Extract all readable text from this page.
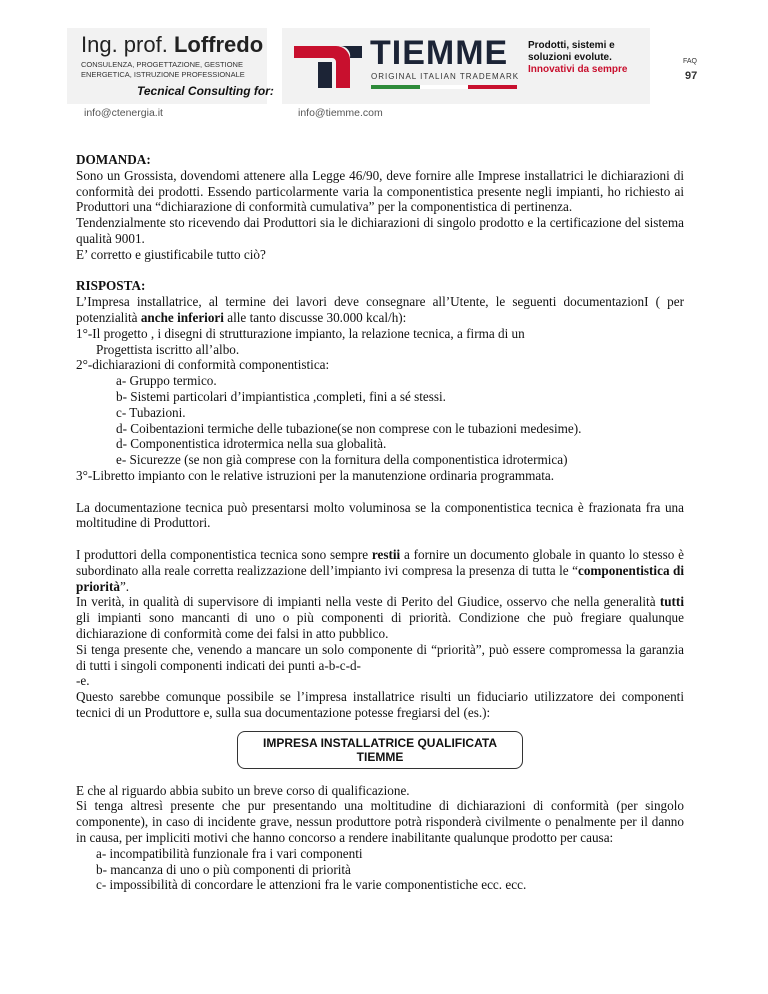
Ing. prof. Loffredo
CONSULENZA, PROGETTAZIONE, GESTIONE
ENERGETICA, ISTRUZIONE PROFESSIONALE
Tecnical Consulting for:
TIEMME
ORIGINAL ITALIAN TRADEMARK
Prodotti, sistemi e
soluzioni evolute.
Innovativi da sempre
FAQ
97
info@ctenergia.it	info@tiemme.com

DOMANDA:

Sono un Grossista, dovendomi attenere alla Legge 46/90, deve fornire alle Imprese installatrici le dichiarazioni di conformità dei prodotti. Essendo particolarmente varia la componentistica presente negli impianti, ho richiesto ai Produttori una “dichiarazione di conformità cumulativa” per la componentistica di pertinenza.

Tendenzialmente sto ricevendo dai Produttori sia le dichiarazioni di singolo prodotto e la certificazione del sistema qualità 9001.

E’ corretto e giustificabile tutto ciò?

RISPOSTA:

L’Impresa installatrice, al termine dei lavori deve consegnare all’Utente, le seguenti documentazionI ( per potenzialità anche inferiori alle tanto discusse 30.000 kcal/h):

1°-Il progetto , i disegni di strutturazione impianto, la relazione tecnica, a firma di un

Progettista iscritto all’albo.

2°-dichiarazioni di conformità componentistica:

a- Gruppo termico.

b- Sistemi particolari d’impiantistica ,completi, fini a sé stessi.

c- Tubazioni.

d- Coibentazioni termiche delle tubazione(se non comprese con le tubazioni medesime).

d- Componentistica idrotermica nella sua globalità.

e- Sicurezze (se non già comprese con la fornitura della componentistica idrotermica)

3°-Libretto impianto con le relative istruzioni per la manutenzione ordinaria programmata.

La documentazione tecnica può presentarsi molto voluminosa se la componentistica tecnica è frazionata fra una moltitudine di Produttori.

I produttori della componentistica tecnica sono sempre restii a fornire un documento globale in quanto lo stesso è subordinato alla reale corretta realizzazione dell’impianto ivi compresa la presenza di tutta le “componentistica di priorità”.

In verità, in qualità di supervisore di impianti nella veste di Perito del Giudice, osservo che nella generalità tutti gli impianti sono mancanti di uno o più componenti di priorità. Condizione che può fregiare qualunque dichiarazione di conformità come dei falsi in atto pubblico.

Si tenga presente che, venendo a mancare un solo componente di “priorità”, può essere compromessa la garanzia di tutti i singoli componenti indicati dei punti a-b-c-d-

-e.

Questo sarebbe comunque possibile se l’impresa installatrice risulti un fiduciario utilizzatore dei componenti tecnici di un Produttore e, sulla sua documentazione potesse fregiarsi del (es.):

IMPRESA INSTALLATRICE QUALIFICATA
TIEMME

E che al riguardo abbia subito un breve corso di qualificazione.

Si tenga altresì presente che pur presentando una moltitudine di dichiarazioni di conformità (per singolo componente), in caso di incidente grave, nessun produttore potrà risponderà civilmente o penalmente per il danno in causa, per impliciti motivi che hanno concorso a rendere inabilitante qualunque prodotto per causa:

a- incompatibilità funzionale fra i vari componenti

b- mancanza di uno o più componenti di priorità

c- impossibilità di concordare le attenzioni fra le varie componentistiche ecc. ecc.
